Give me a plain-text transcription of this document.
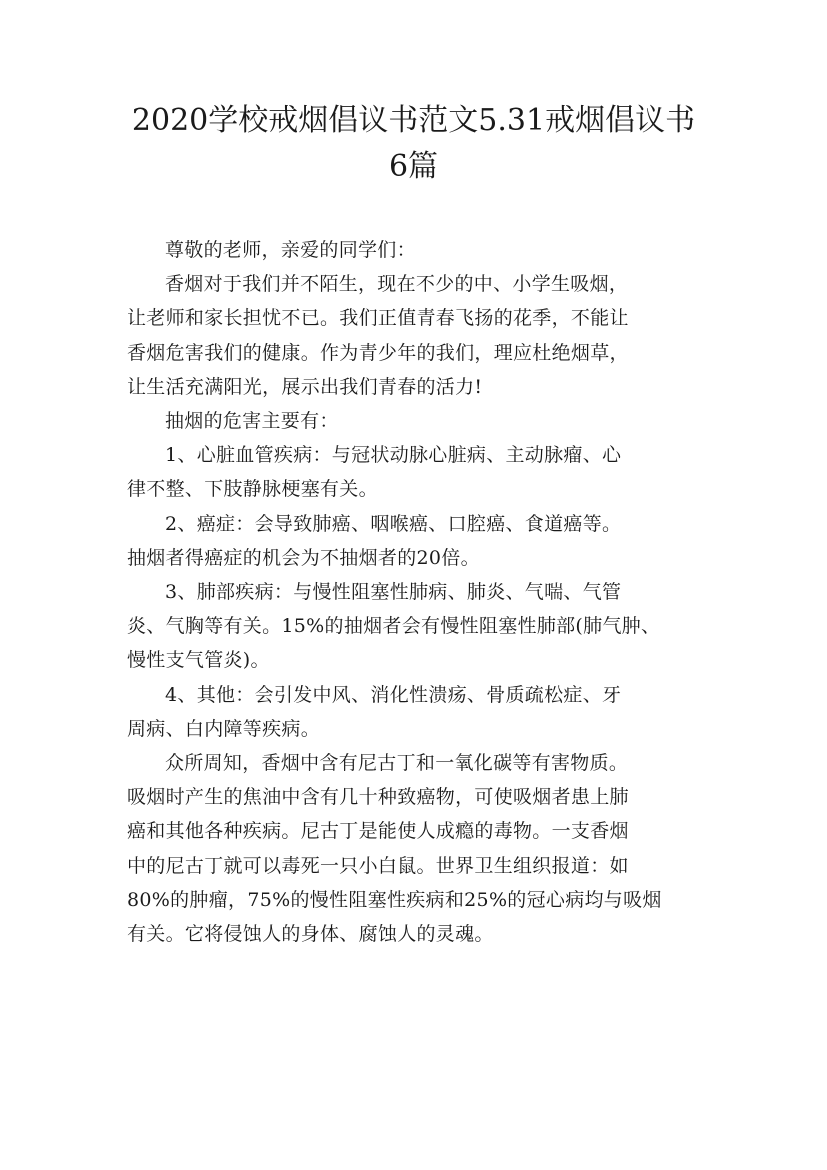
2020学校戒烟倡议书范文5.31戒烟倡议书
6篇

尊敬的老师，亲爱的同学们：

香烟对于我们并不陌生，现在不少的中、小学生吸烟，
让老师和家长担忧不已。我们正值青春飞扬的花季，不能让
香烟危害我们的健康。作为青少年的我们，理应杜绝烟草，
让生活充满阳光，展示出我们青春的活力!

抽烟的危害主要有：

1、心脏血管疾病：与冠状动脉心脏病、主动脉瘤、心
律不整、下肢静脉梗塞有关。

2、癌症：会导致肺癌、咽喉癌、口腔癌、食道癌等。
抽烟者得癌症的机会为不抽烟者的20倍。

3、肺部疾病：与慢性阻塞性肺病、肺炎、气喘、气管
炎、气胸等有关。15%的抽烟者会有慢性阻塞性肺部(肺气肿、
慢性支气管炎)。

4、其他：会引发中风、消化性溃疡、骨质疏松症、牙
周病、白内障等疾病。

众所周知，香烟中含有尼古丁和一氧化碳等有害物质。
吸烟时产生的焦油中含有几十种致癌物，可使吸烟者患上肺
癌和其他各种疾病。尼古丁是能使人成瘾的毒物。一支香烟
中的尼古丁就可以毒死一只小白鼠。世界卫生组织报道：如
80%的肿瘤，75%的慢性阻塞性疾病和25%的冠心病均与吸烟
有关。它将侵蚀人的身体、腐蚀人的灵魂。
